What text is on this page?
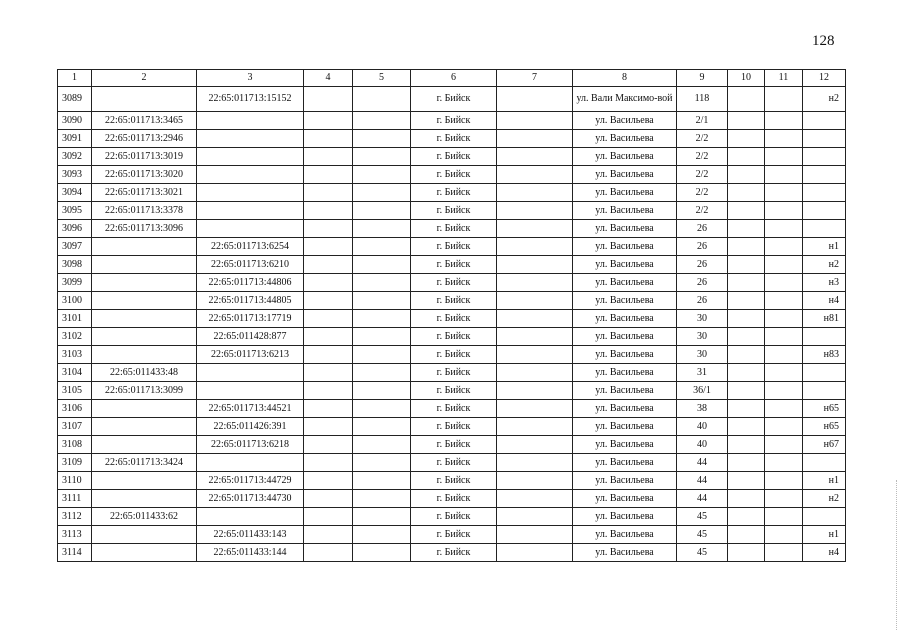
128
1	2	3	4	5	6	7	8	9	10	11	12
3089		22:65:011713:15152			г. Бийск		ул. Вали Максимо-вой	118			н2
3090	22:65:011713:3465				г. Бийск		ул. Васильева	2/1			
3091	22:65:011713:2946				г. Бийск		ул. Васильева	2/2			
3092	22:65:011713:3019				г. Бийск		ул. Васильева	2/2			
3093	22:65:011713:3020				г. Бийск		ул. Васильева	2/2			
3094	22:65:011713:3021				г. Бийск		ул. Васильева	2/2			
3095	22:65:011713:3378				г. Бийск		ул. Васильева	2/2			
3096	22:65:011713:3096				г. Бийск		ул. Васильева	26			
3097		22:65:011713:6254			г. Бийск		ул. Васильева	26			н1
3098		22:65:011713:6210			г. Бийск		ул. Васильева	26			н2
3099		22:65:011713:44806			г. Бийск		ул. Васильева	26			н3
3100		22:65:011713:44805			г. Бийск		ул. Васильева	26			н4
3101		22:65:011713:17719			г. Бийск		ул. Васильева	30			н81
3102		22:65:011428:877			г. Бийск		ул. Васильева	30			
3103		22:65:011713:6213			г. Бийск		ул. Васильева	30			н83
3104	22:65:011433:48				г. Бийск		ул. Васильева	31			
3105	22:65:011713:3099				г. Бийск		ул. Васильева	36/1			
3106		22:65:011713:44521			г. Бийск		ул. Васильева	38			н65
3107		22:65:011426:391			г. Бийск		ул. Васильева	40			н65
3108		22:65:011713:6218			г. Бийск		ул. Васильева	40			н67
3109	22:65:011713:3424				г. Бийск		ул. Васильева	44			
3110		22:65:011713:44729			г. Бийск		ул. Васильева	44			н1
3111		22:65:011713:44730			г. Бийск		ул. Васильева	44			н2
3112	22:65:011433:62				г. Бийск		ул. Васильева	45			
3113		22:65:011433:143			г. Бийск		ул. Васильева	45			н1
3114		22:65:011433:144			г. Бийск		ул. Васильева	45			н4
